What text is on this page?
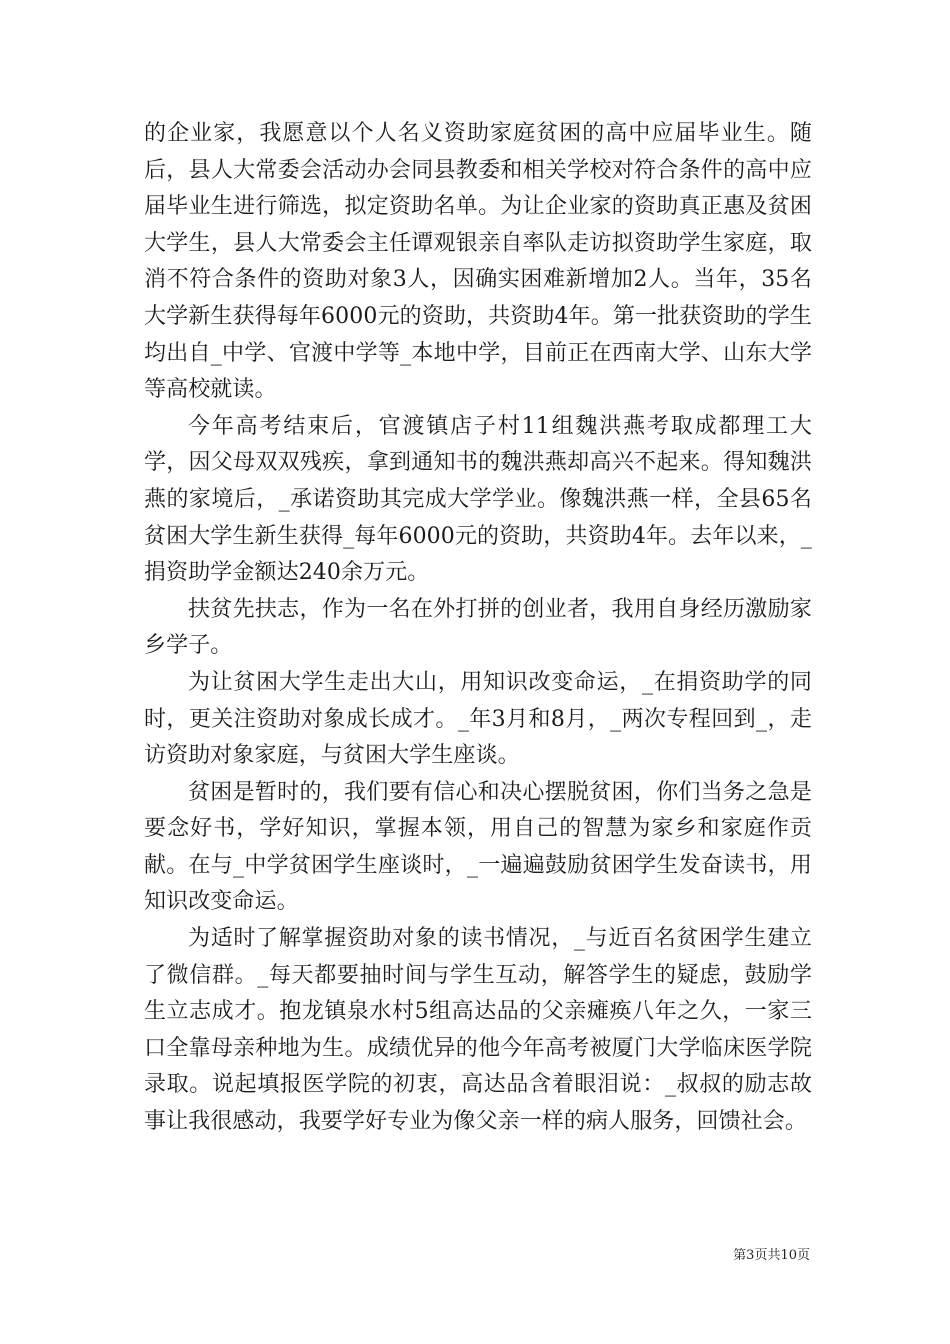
的企业家，我愿意以个人名义资助家庭贫困的高中应届毕业生。随后，县人大常委会活动办会同县教委和相关学校对符合条件的高中应届毕业生进行筛选，拟定资助名单。为让企业家的资助真正惠及贫困大学生，县人大常委会主任谭观银亲自率队走访拟资助学生家庭，取消不符合条件的资助对象3人，因确实困难新增加2人。当年，35名大学新生获得每年6000元的资助，共资助4年。第一批获资助的学生均出自_中学、官渡中学等_本地中学，目前正在西南大学、山东大学等高校就读。

今年高考结束后，官渡镇店子村11组魏洪燕考取成都理工大学，因父母双双残疾，拿到通知书的魏洪燕却高兴不起来。得知魏洪燕的家境后，_承诺资助其完成大学学业。像魏洪燕一样，全县65名贫困大学生新生获得_每年6000元的资助，共资助4年。去年以来，_捐资助学金额达240余万元。

扶贫先扶志，作为一名在外打拼的创业者，我用自身经历激励家乡学子。

为让贫困大学生走出大山，用知识改变命运，_在捐资助学的同时，更关注资助对象成长成才。_年3月和8月，_两次专程回到_，走访资助对象家庭，与贫困大学生座谈。

贫困是暂时的，我们要有信心和决心摆脱贫困，你们当务之急是要念好书，学好知识，掌握本领，用自己的智慧为家乡和家庭作贡献。在与_中学贫困学生座谈时，_一遍遍鼓励贫困学生发奋读书，用知识改变命运。

为适时了解掌握资助对象的读书情况，_与近百名贫困学生建立了微信群。_每天都要抽时间与学生互动，解答学生的疑虑，鼓励学生立志成才。抱龙镇泉水村5组高达品的父亲瘫痪八年之久，一家三口全靠母亲种地为生。成绩优异的他今年高考被厦门大学临床医学院录取。说起填报医学院的初衷，高达品含着眼泪说：_叔叔的励志故事让我很感动，我要学好专业为像父亲一样的病人服务，回馈社会。

第3页共10页
